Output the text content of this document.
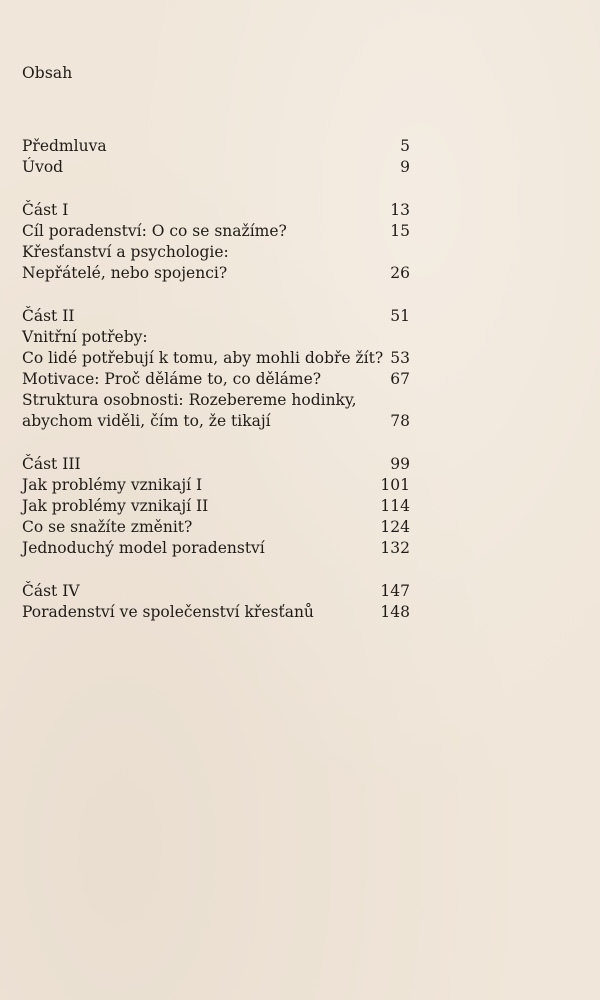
Obsah
Předmluva	5
Úvod	9
Část I	13
Cíl poradenství: O co se snažíme?	15
Křesťanství a psychologie:
Nepřátelé, nebo spojenci?	26
Část II	51
Vnitřní potřeby:
Co lidé potřebují k tomu, aby mohli dobře žít? 53
Motivace: Proč děláme to, co děláme?	67
Struktura osobnosti: Rozebereme hodinky,
abychom viděli, čím to, že tikají	78
Část III	99
Jak problémy vznikají I	101
Jak problémy vznikají II	114
Co se snažíte změnit?	124
Jednoduchý model poradenství	132
Část IV	147
Poradenství ve společenství křesťanů	148
